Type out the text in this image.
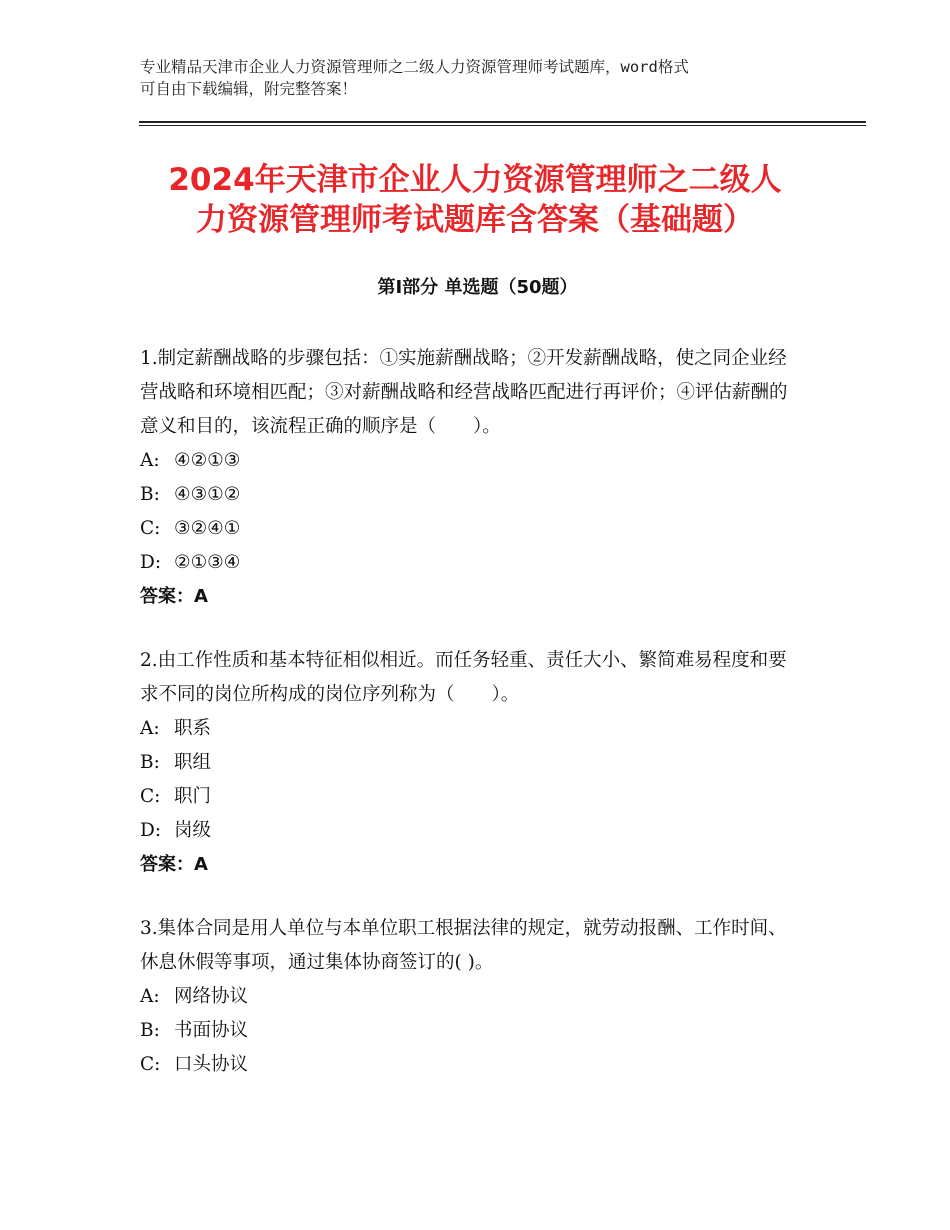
专业精品天津市企业人力资源管理师之二级人力资源管理师考试题库，word格式
可自由下载编辑，附完整答案！
2024年天津市企业人力资源管理师之二级人
力资源管理师考试题库含答案（基础题）
第Ⅰ部分 单选题（50题）

1.制定薪酬战略的步骤包括：①实施薪酬战略；②开发薪酬战略，使之同企业经营战略和环境相匹配；③对薪酬战略和经营战略匹配进行再评价；④评估薪酬的意义和目的，该流程正确的顺序是（　　）。

A: ④②①③
B: ④③①②
C: ③②④①
D: ②①③④
答案：A

2.由工作性质和基本特征相似相近。而任务轻重、责任大小、繁简难易程度和要求不同的岗位所构成的岗位序列称为（　　）。

A: 职系
B: 职组
C: 职门
D: 岗级
答案：A

3.集体合同是用人单位与本单位职工根据法律的规定，就劳动报酬、工作时间、休息休假等事项，通过集体协商签订的( )。

A: 网络协议
B: 书面协议
C: 口头协议
